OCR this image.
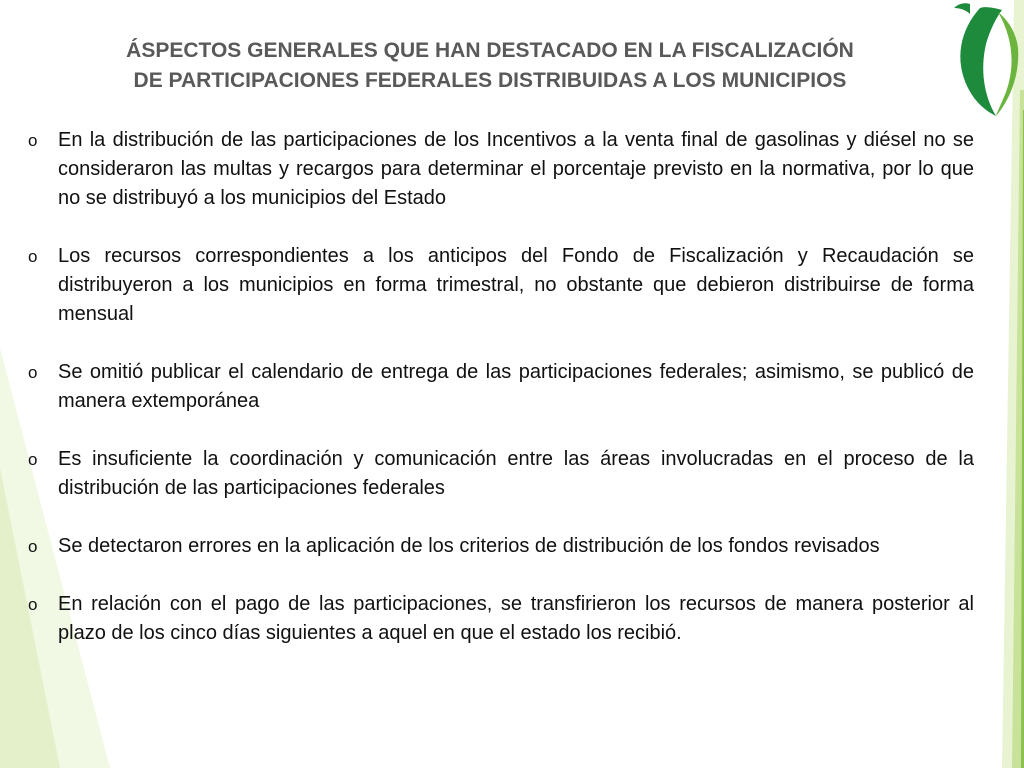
ÁSPECTOS GENERALES QUE HAN DESTACADO EN LA FISCALIZACIÓN
DE PARTICIPACIONES FEDERALES DISTRIBUIDAS A LOS MUNICIPIOS
o En la distribución de las participaciones de los Incentivos a la venta final de gasolinas y diésel no se consideraron las multas y recargos para determinar el porcentaje previsto en la normativa, por lo que no se distribuyó a los municipios del Estado
o Los recursos correspondientes a los anticipos del Fondo de Fiscalización y Recaudación se distribuyeron a los municipios en forma trimestral, no obstante que debieron distribuirse de forma mensual
o Se omitió publicar el calendario de entrega de las participaciones federales; asimismo, se publicó de manera extemporánea
o Es insuficiente la coordinación y comunicación entre las áreas involucradas en el proceso de la distribución de las participaciones federales
o Se detectaron errores en la aplicación de los criterios de distribución de los fondos revisados
o En relación con el pago de las participaciones, se transfirieron los recursos de manera posterior al plazo de los cinco días siguientes a aquel en que el estado los recibió.
